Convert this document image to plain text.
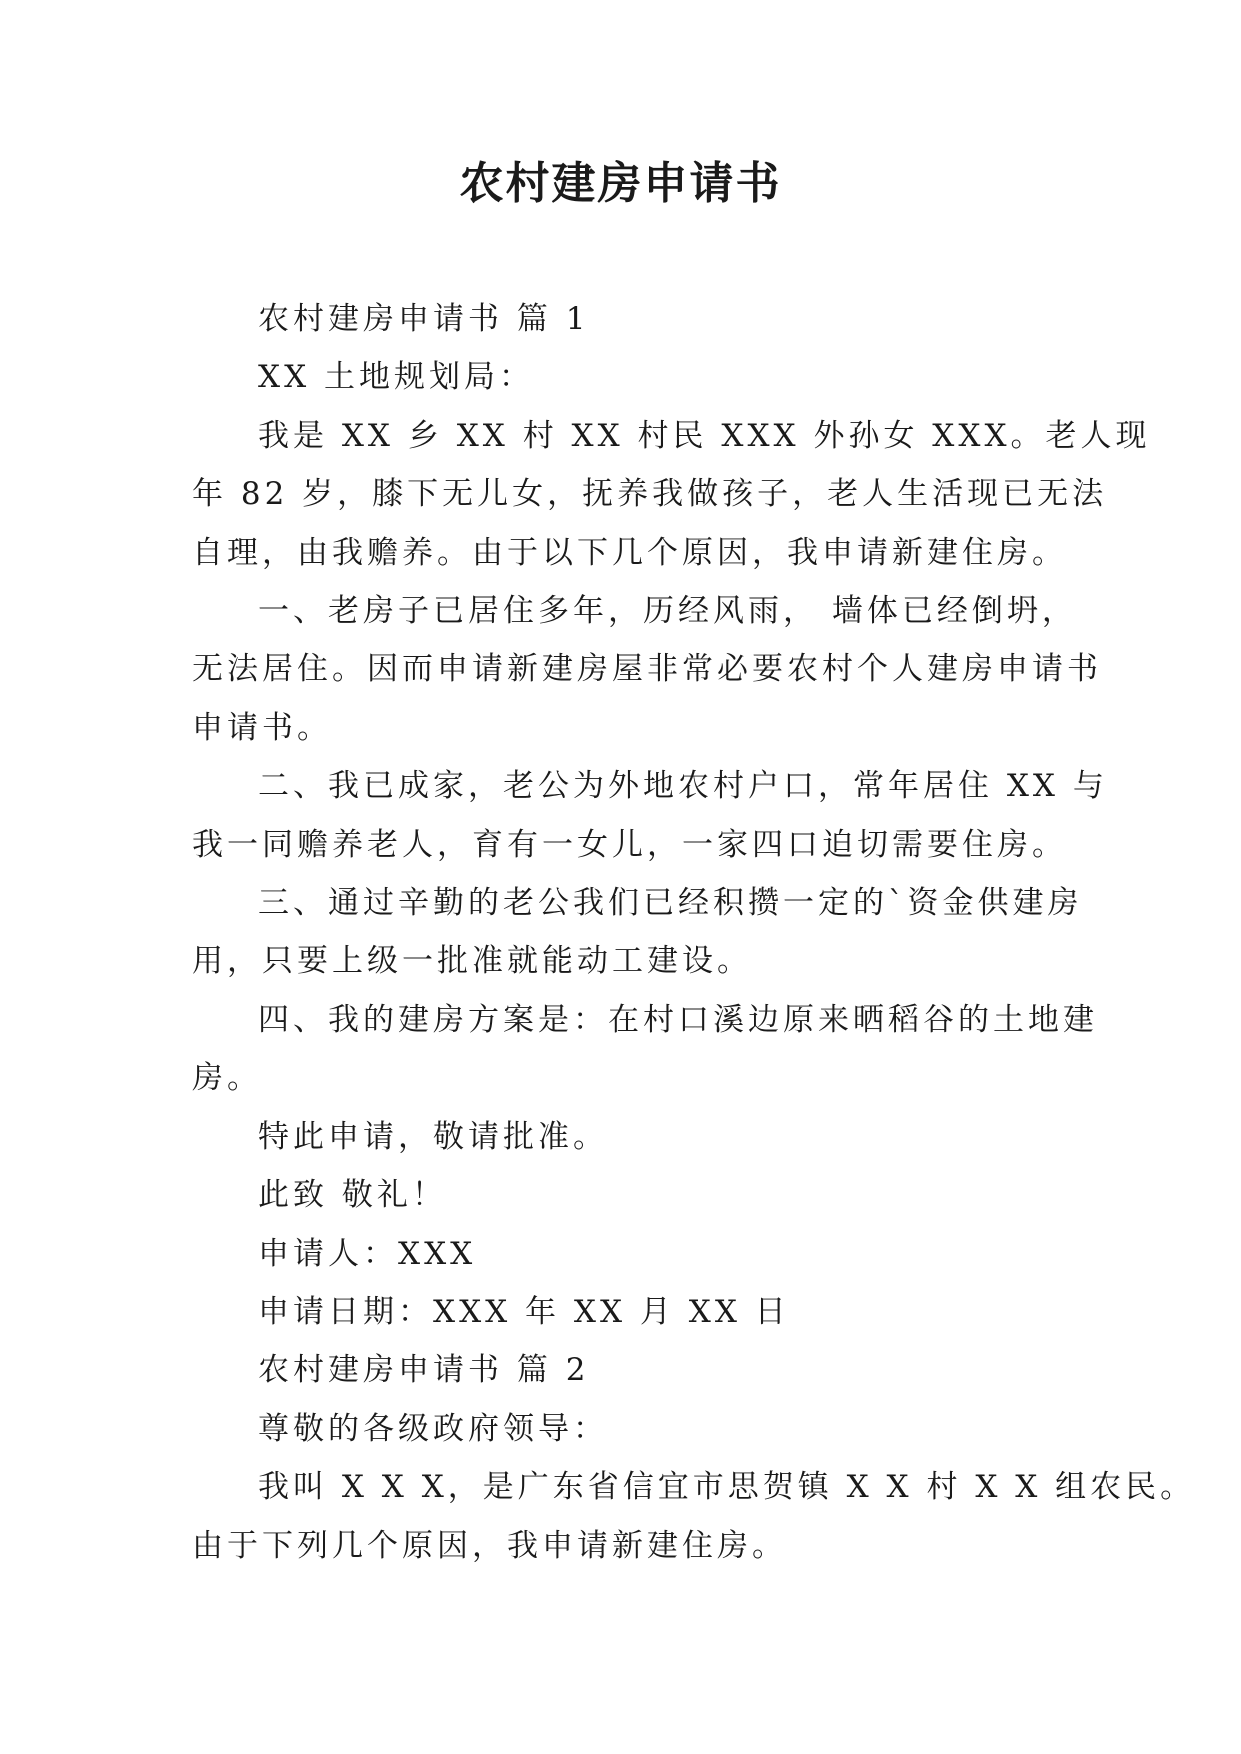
农村建房申请书

农村建房申请书 篇 1

XX 土地规划局：

我是 XX 乡 XX 村 XX 村民 XXX 外孙女 XXX。老人现

年 82 岁，膝下无儿女，抚养我做孩子，老人生活现已无法

自理，由我赡养。由于以下几个原因，我申请新建住房。

一、老房子已居住多年，历经风雨， 墙体已经倒坍，

无法居住。因而申请新建房屋非常必要农村个人建房申请书

申请书。

二、我已成家，老公为外地农村户口，常年居住 XX 与

我一同赡养老人，育有一女儿，一家四口迫切需要住房。

三、通过辛勤的老公我们已经积攒一定的`资金供建房

用，只要上级一批准就能动工建设。

四、我的建房方案是：在村口溪边原来晒稻谷的土地建

房。

特此申请，敬请批准。

此致 敬礼！

申请人：XXX

申请日期：XXX 年 XX 月 XX 日

农村建房申请书 篇 2

尊敬的各级政府领导：

我叫 X X X，是广东省信宜市思贺镇 X X 村 X X 组农民。

由于下列几个原因，我申请新建住房。
